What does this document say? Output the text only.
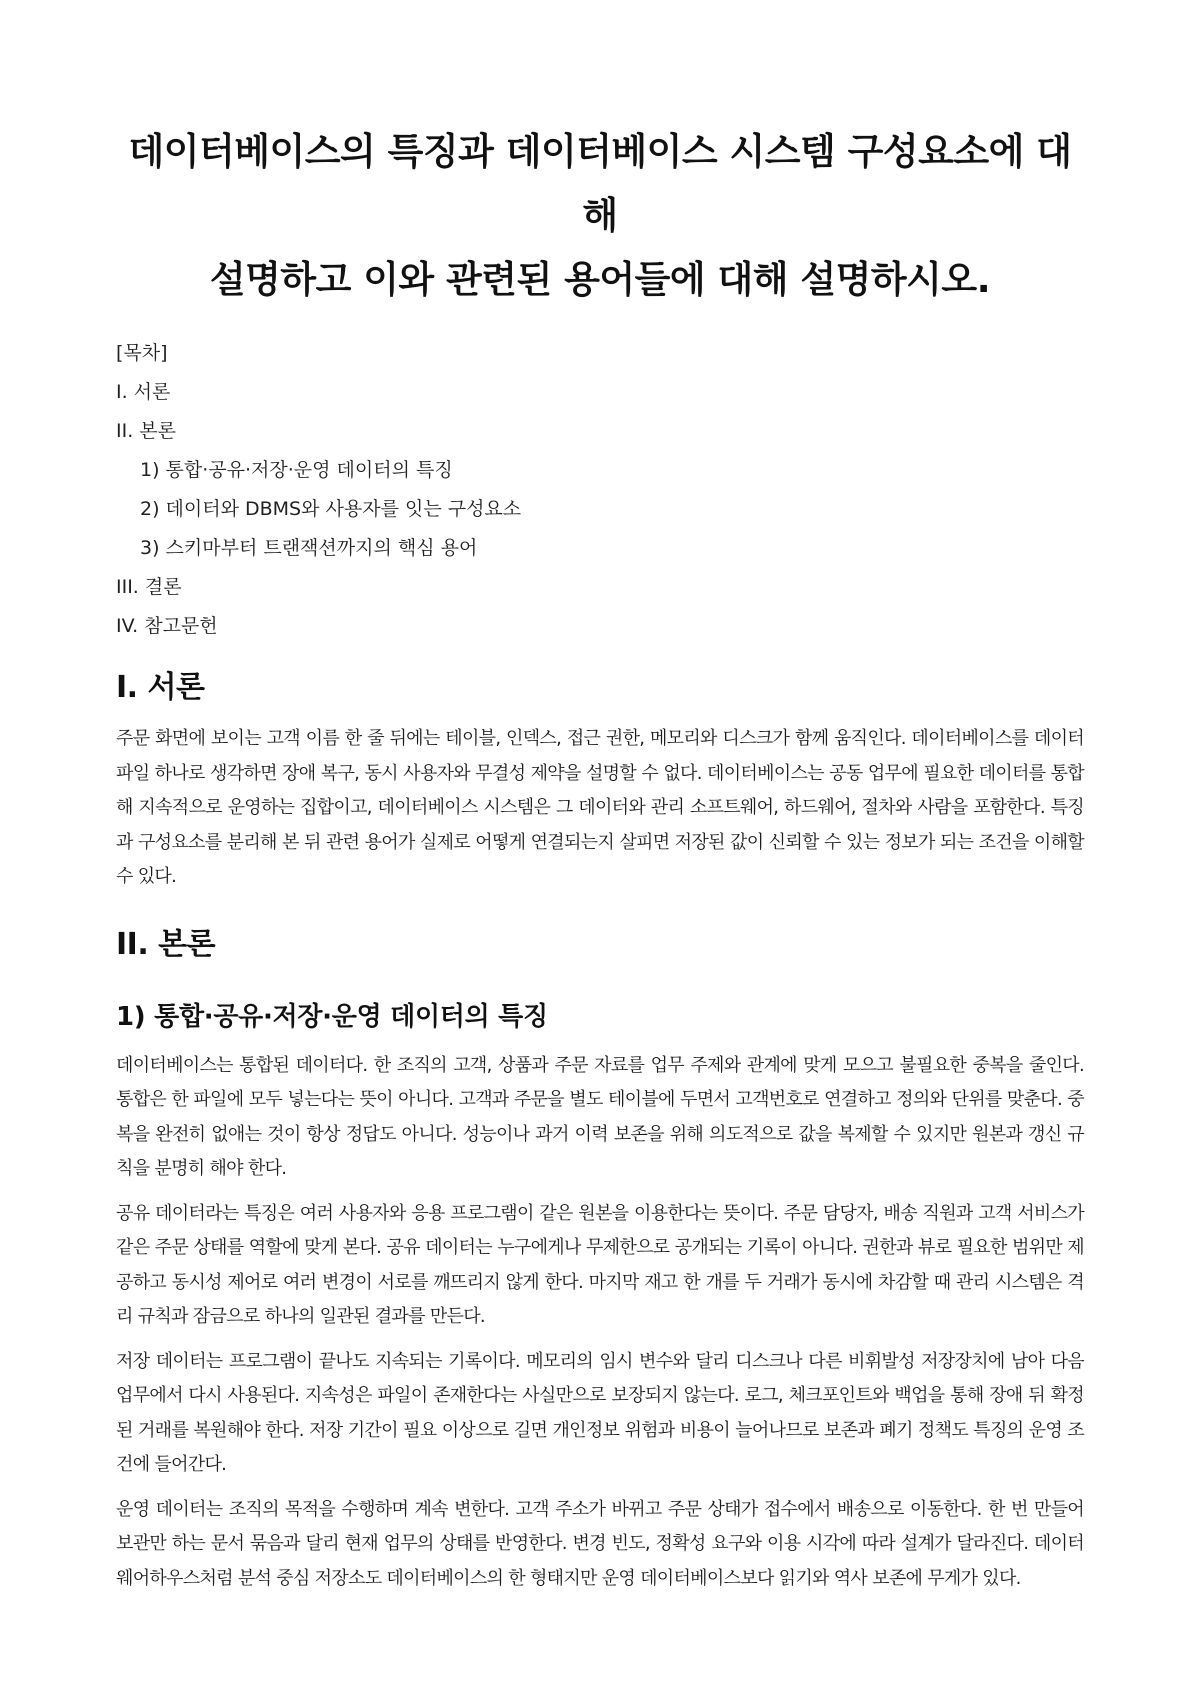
데이터베이스의 특징과 데이터베이스 시스템 구성요소에 대해
설명하고 이와 관련된 용어들에 대해 설명하시오.
[목차]
I. 서론
II. 본론
1) 통합·공유·저장·운영 데이터의 특징
2) 데이터와 DBMS와 사용자를 잇는 구성요소
3) 스키마부터 트랜잭션까지의 핵심 용어
III. 결론
IV. 참고문헌
I. 서론

주문 화면에 보이는 고객 이름 한 줄 뒤에는 테이블, 인덱스, 접근 권한, 메모리와 디스크가 함께 움직인다. 데이터베이스를 데이터 파일 하나로 생각하면 장애 복구, 동시 사용자와 무결성 제약을 설명할 수 없다. 데이터베이스는 공동 업무에 필요한 데이터를 통합해 지속적으로 운영하는 집합이고, 데이터베이스 시스템은 그 데이터와 관리 소프트웨어, 하드웨어, 절차와 사람을 포함한다. 특징과 구성요소를 분리해 본 뒤 관련 용어가 실제로 어떻게 연결되는지 살피면 저장된 값이 신뢰할 수 있는 정보가 되는 조건을 이해할 수 있다.

II. 본론
1) 통합·공유·저장·운영 데이터의 특징

데이터베이스는 통합된 데이터다. 한 조직의 고객, 상품과 주문 자료를 업무 주제와 관계에 맞게 모으고 불필요한 중복을 줄인다. 통합은 한 파일에 모두 넣는다는 뜻이 아니다. 고객과 주문을 별도 테이블에 두면서 고객번호로 연결하고 정의와 단위를 맞춘다. 중복을 완전히 없애는 것이 항상 정답도 아니다. 성능이나 과거 이력 보존을 위해 의도적으로 값을 복제할 수 있지만 원본과 갱신 규칙을 분명히 해야 한다.

공유 데이터라는 특징은 여러 사용자와 응용 프로그램이 같은 원본을 이용한다는 뜻이다. 주문 담당자, 배송 직원과 고객 서비스가 같은 주문 상태를 역할에 맞게 본다. 공유 데이터는 누구에게나 무제한으로 공개되는 기록이 아니다. 권한과 뷰로 필요한 범위만 제공하고 동시성 제어로 여러 변경이 서로를 깨뜨리지 않게 한다. 마지막 재고 한 개를 두 거래가 동시에 차감할 때 관리 시스템은 격리 규칙과 잠금으로 하나의 일관된 결과를 만든다.

저장 데이터는 프로그램이 끝나도 지속되는 기록이다. 메모리의 임시 변수와 달리 디스크나 다른 비휘발성 저장장치에 남아 다음 업무에서 다시 사용된다. 지속성은 파일이 존재한다는 사실만으로 보장되지 않는다. 로그, 체크포인트와 백업을 통해 장애 뒤 확정된 거래를 복원해야 한다. 저장 기간이 필요 이상으로 길면 개인정보 위험과 비용이 늘어나므로 보존과 폐기 정책도 특징의 운영 조건에 들어간다.

운영 데이터는 조직의 목적을 수행하며 계속 변한다. 고객 주소가 바뀌고 주문 상태가 접수에서 배송으로 이동한다. 한 번 만들어 보관만 하는 문서 묶음과 달리 현재 업무의 상태를 반영한다. 변경 빈도, 정확성 요구와 이용 시각에 따라 설계가 달라진다. 데이터웨어하우스처럼 분석 중심 저장소도 데이터베이스의 한 형태지만 운영 데이터베이스보다 읽기와 역사 보존에 무게가 있다.
